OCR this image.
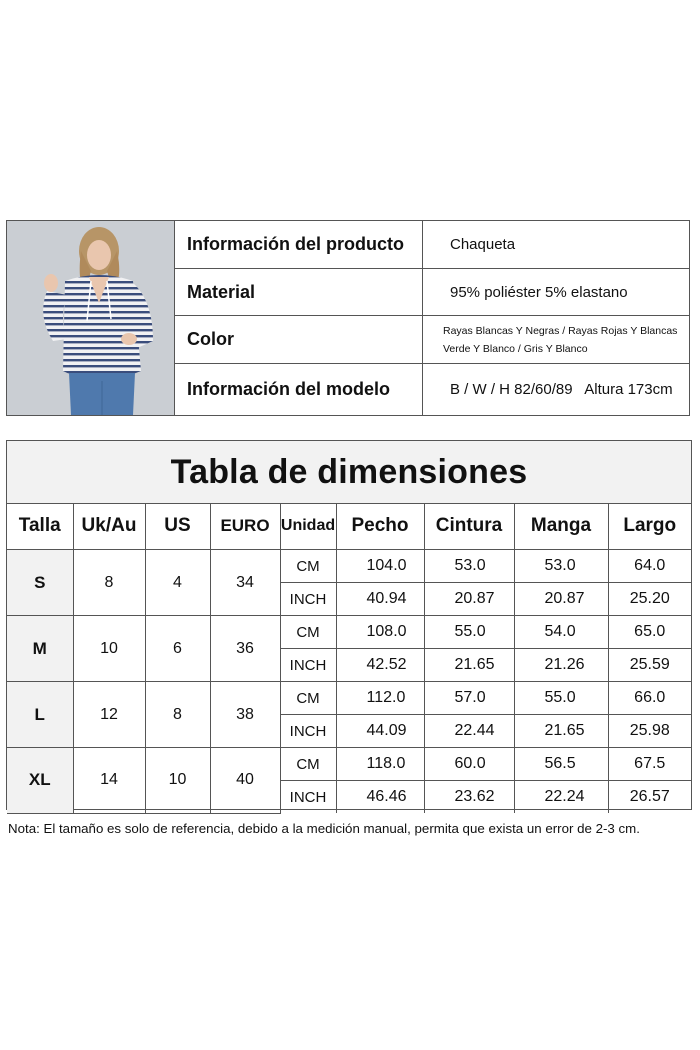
Información del producto	Chaqueta
Material	95% poliéster 5% elastano
Color	Rayas Blancas Y Negras / Rayas Rojas Y Blancas
Verde Y Blanco / Gris Y Blanco
Información del modelo	B / W / H 82/60/89   Altura 173cm
Tabla de dimensiones
Talla	Uk/Au	US	EURO	Unidad	Pecho	Cintura	Manga	Largo
S	8	4	34	CM	104.0	53.0	53.0	64.0
				INCH	40.94	20.87	20.87	25.20
M	10	6	36	CM	108.0	55.0	54.0	65.0
				INCH	42.52	21.65	21.26	25.59
L	12	8	38	CM	112.0	57.0	55.0	66.0
				INCH	44.09	22.44	21.65	25.98
XL	14	10	40	CM	118.0	60.0	56.5	67.5
				INCH	46.46	23.62	22.24	26.57
Nota: El tamaño es solo de referencia, debido a la medición manual, permita que exista un error de 2-3 cm.
